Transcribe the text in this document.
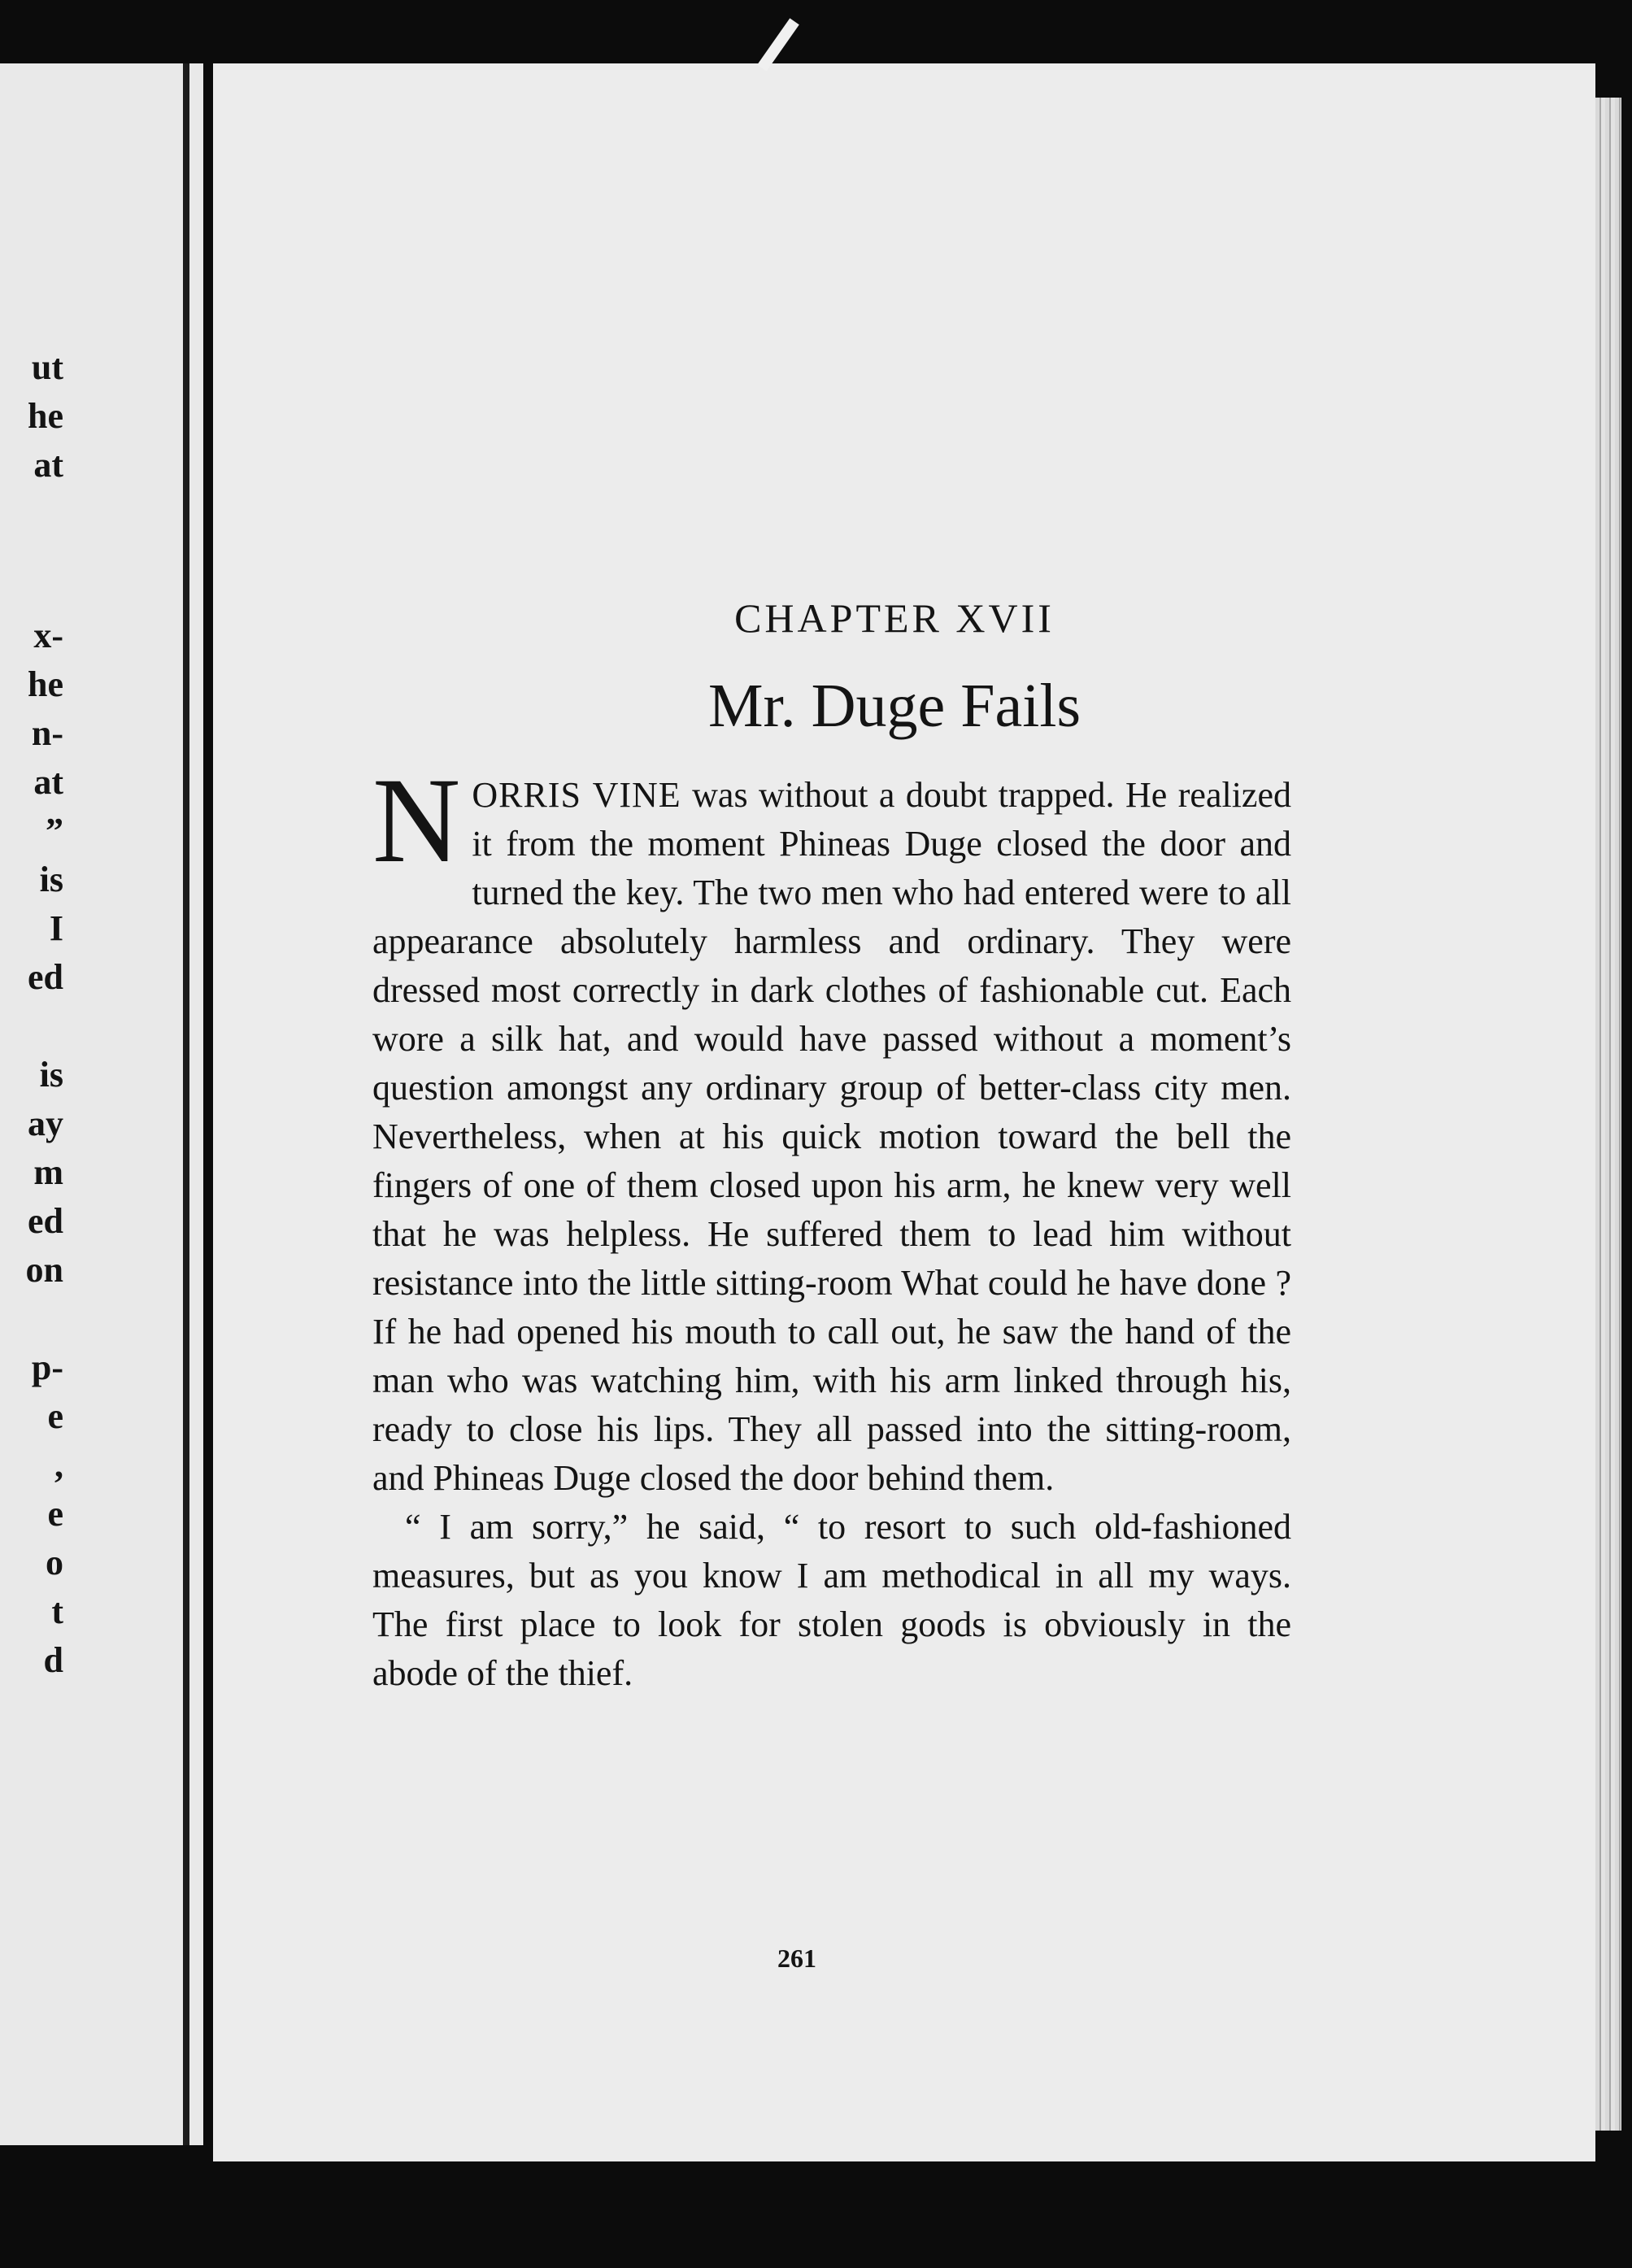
ut
he
at
x-
he
n-
at
”
is
I
ed
is
ay
m
ed
on
p-
e
,
e
o
t
d
CHAPTER XVII
Mr. Duge Fails

NORRIS VINE was without a doubt trapped. He realized it from the moment Phineas Duge closed the door and turned the key. The two men who had entered were to all appearance absolutely harmless and ordinary. They were dressed most correctly in dark clothes of fashionable cut. Each wore a silk hat, and would have passed without a moment’s question amongst any ordinary group of better-class city men. Nevertheless, when at his quick motion toward the bell the fingers of one of them closed upon his arm, he knew very well that he was helpless. He suffered them to lead him without resistance into the little sitting-room What could he have done ? If he had opened his mouth to call out, he saw the hand of the man who was watching him, with his arm linked through his, ready to close his lips. They all passed into the sitting-room, and Phineas Duge closed the door behind them.

“ I am sorry,” he said, “ to resort to such old-fashioned measures, but as you know I am methodical in all my ways. The first place to look for stolen goods is obviously in the abode of the thief.

261
